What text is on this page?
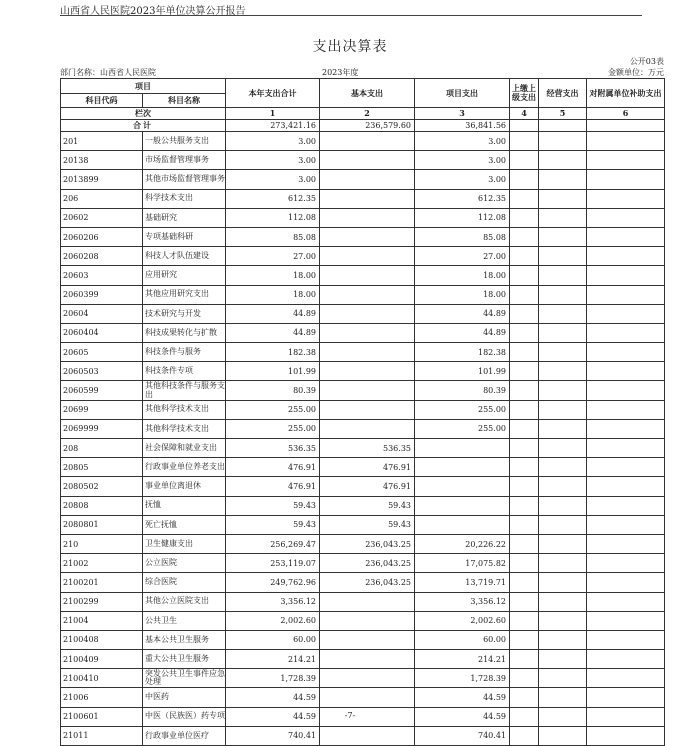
山西省人民医院2023年单位决算公开报告
支出决算表
公开03表
部门名称：山西省人民医院	2023年度	金额单位：万元
项目		本年支出合计	基本支出	项目支出	上缴上级支出	经营支出	对附属单位补助支出
科目代码	科目名称						
栏次		1	2	3	4	5	6
合计		273,421.16	236,579.60	36,841.56			
201	一般公共服务支出	3.00		3.00			
20138	市场监督管理事务	3.00		3.00			
2013899	其他市场监督管理事务	3.00		3.00			
206	科学技术支出	612.35		612.35			
20602	基础研究	112.08		112.08			
2060206	专项基础科研	85.08		85.08			
2060208	科技人才队伍建设	27.00		27.00			
20603	应用研究	18.00		18.00			
2060399	其他应用研究支出	18.00		18.00			
20604	技术研究与开发	44.89		44.89			
2060404	科技成果转化与扩散	44.89		44.89			
20605	科技条件与服务	182.38		182.38			
2060503	科技条件专项	101.99		101.99			
2060599	其他科技条件与服务支出	80.39		80.39			
20699	其他科学技术支出	255.00		255.00			
2069999	其他科学技术支出	255.00		255.00			
208	社会保障和就业支出	536.35	536.35				
20805	行政事业单位养老支出	476.91	476.91				
2080502	事业单位离退休	476.91	476.91				
20808	抚恤	59.43	59.43				
2080801	死亡抚恤	59.43	59.43				
210	卫生健康支出	256,269.47	236,043.25	20,226.22			
21002	公立医院	253,119.07	236,043.25	17,075.82			
2100201	综合医院	249,762.96	236,043.25	13,719.71			
2100299	其他公立医院支出	3,356.12		3,356.12			
21004	公共卫生	2,002.60		2,002.60			
2100408	基本公共卫生服务	60.00		60.00			
2100409	重大公共卫生服务	214.21		214.21			
2100410	突发公共卫生事件应急处理	1,728.39		1,728.39			
21006	中医药	44.59		44.59			
2100601	中医（民族医）药专项	44.59		44.59			
21011	行政事业单位医疗	740.41		740.41			
-7-
